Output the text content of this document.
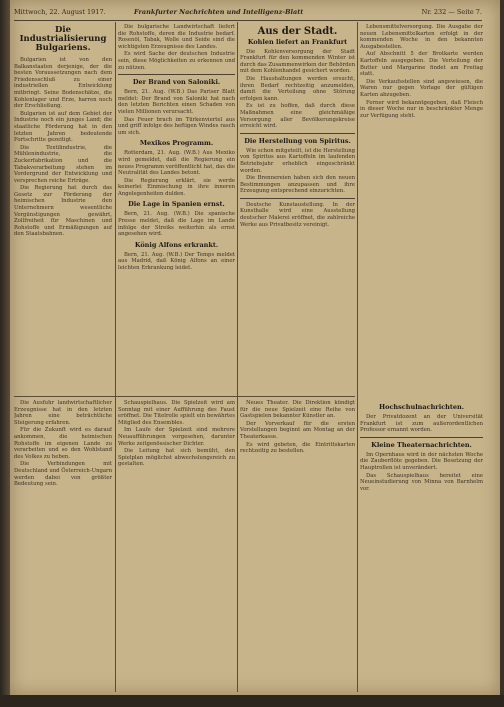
Mittwoch, 22. August 1917.	Frankfurter Nachrichten und Intelligenz-Blatt	Nr. 232 — Seite 7.
Die Industrialisierung Bulgariens.

Bulgarien ist von den Balkanstaaten derjenige, der die besten Voraussetzungen nach dem Friedensschluß zu einer industriellen Entwicklung mitbringt. Seine Bodenschätze, die Kohlenlager und Erze, harren noch der Erschließung.

Bulgarien ist auf dem Gebiet der Industrie noch ein junges Land; die staatliche Förderung hat in den letzten Jahren bedeutende Fortschritte gezeitigt.

Die Textilindustrie, die Mühlenindustrie, die Zuckerfabrikation und die Tabakverarbeitung stehen im Vordergrund der Entwicklung und versprechen reiche Erträge.

Die Regierung hat durch das Gesetz zur Förderung der heimischen Industrie den Unternehmern wesentliche Vergünstigungen gewährt, Zollfreiheit für Maschinen und Rohstoffe und Ermäßigungen auf den Staatsbahnen.

Die bulgarische Landwirtschaft liefert die Rohstoffe, deren die Industrie bedarf. Rosenöl, Tabak, Wolle und Seide sind die wichtigsten Erzeugnisse des Landes.

Es wird Sache der deutschen Industrie sein, diese Möglichkeiten zu erkennen und zu nützen.

Der Brand von Saloniki.

Bern, 21. Aug. (W.B.) Das Pariser Blatt meldet: Der Brand von Saloniki hat nach den letzten Berichten einen Schaden von vielen Millionen verursacht.

Das Feuer brach im Türkenviertel aus und griff infolge des heftigen Windes rasch um sich.

Mexikos Programm.

Rotterdam, 21. Aug. (W.B.) Aus Mexiko wird gemeldet, daß die Regierung ein neues Programm veröffentlicht hat, das die Neutralität des Landes betont.

Die Regierung erklärt, sie werde keinerlei Einmischung in ihre inneren Angelegenheiten dulden.

Die Lage in Spanien ernst.

Bern, 21. Aug. (W.B.) Die spanische Presse meldet, daß die Lage im Lande infolge der Streiks weiterhin als ernst angesehen wird.

König Alfons erkrankt.

Bern, 21. Aug. (W.B.) Der Temps meldet aus Madrid, daß König Alfons an einer leichten Erkrankung leidet.

Aus der Stadt.
Kohlen liefert an Frankfurt

Die Kohlenversorgung der Stadt Frankfurt für den kommenden Winter ist durch das Zusammenwirken der Behörden mit dem Kohlenhandel gesichert worden.

Die Haushaltungen werden ersucht, ihren Bedarf rechtzeitig anzumelden, damit die Verteilung ohne Störung erfolgen kann.

Es ist zu hoffen, daß durch diese Maßnahmen eine gleichmäßige Versorgung aller Bevölkerungskreise erreicht wird.

Die Herstellung von Spiritus.

Wie schon mitgeteilt, ist die Herstellung von Spiritus aus Kartoffeln im laufenden Betriebsjahr erheblich eingeschränkt worden.

Die Brennereien haben sich den neuen Bestimmungen anzupassen und ihre Erzeugung entsprechend einzurichten.

Deutsche Kunstaustellung. In der Kunsthalle wird eine Ausstellung deutscher Malerei eröffnet, die zahlreiche Werke aus Privatbesitz vereinigt.

Lebensmittelversorgung. Die Ausgabe der neuen Lebensmittelkarten erfolgt in der kommenden Woche in den bekannten Ausgabestellen.

Auf Abschnitt 5 der Brotkarte werden Kartoffeln ausgegeben. Die Verteilung der Butter und Margarine findet am Freitag statt.

Die Verkaufsstellen sind angewiesen, die Waren nur gegen Vorlage der gültigen Karten abzugeben.

Ferner wird bekanntgegeben, daß Fleisch in dieser Woche nur in beschränkter Menge zur Verfügung steht.

Die Ausfuhr landwirtschaftlicher Erzeugnisse hat in den letzten Jahren eine beträchtliche Steigerung erfahren.

Für die Zukunft wird es darauf ankommen, die heimischen Rohstoffe im eigenen Lande zu verarbeiten und so den Wohlstand des Volkes zu heben.

Die Verbindungen mit Deutschland und Österreich-Ungarn werden dabei von größter Bedeutung sein.

Schauspielhaus. Die Spielzeit wird am Sonntag mit einer Aufführung des Faust eröffnet. Die Titelrolle spielt ein bewährtes Mitglied des Ensembles.

Im Laufe der Spielzeit sind mehrere Neuaufführungen vorgesehen, darunter Werke zeitgenössischer Dichter.

Die Leitung hat sich bemüht, den Spielplan möglichst abwechslungsreich zu gestalten.

Neues Theater. Die Direktion kündigt für die neue Spielzeit eine Reihe von Gastspielen bekannter Künstler an.

Der Vorverkauf für die ersten Vorstellungen beginnt am Montag an der Theaterkasse.

Es wird gebeten, die Eintrittskarten rechtzeitig zu bestellen.

Hochschulnachrichten.

Der Privatdozent an der Universität Frankfurt ist zum außerordentlichen Professor ernannt worden.

Kleine Theaternachrichten.

Im Opernhaus wird in der nächsten Woche die Zauberflöte gegeben. Die Besetzung der Hauptrollen ist unverändert.

Das Schauspielhaus bereitet eine Neueinstudierung von Minna von Barnhelm vor.
